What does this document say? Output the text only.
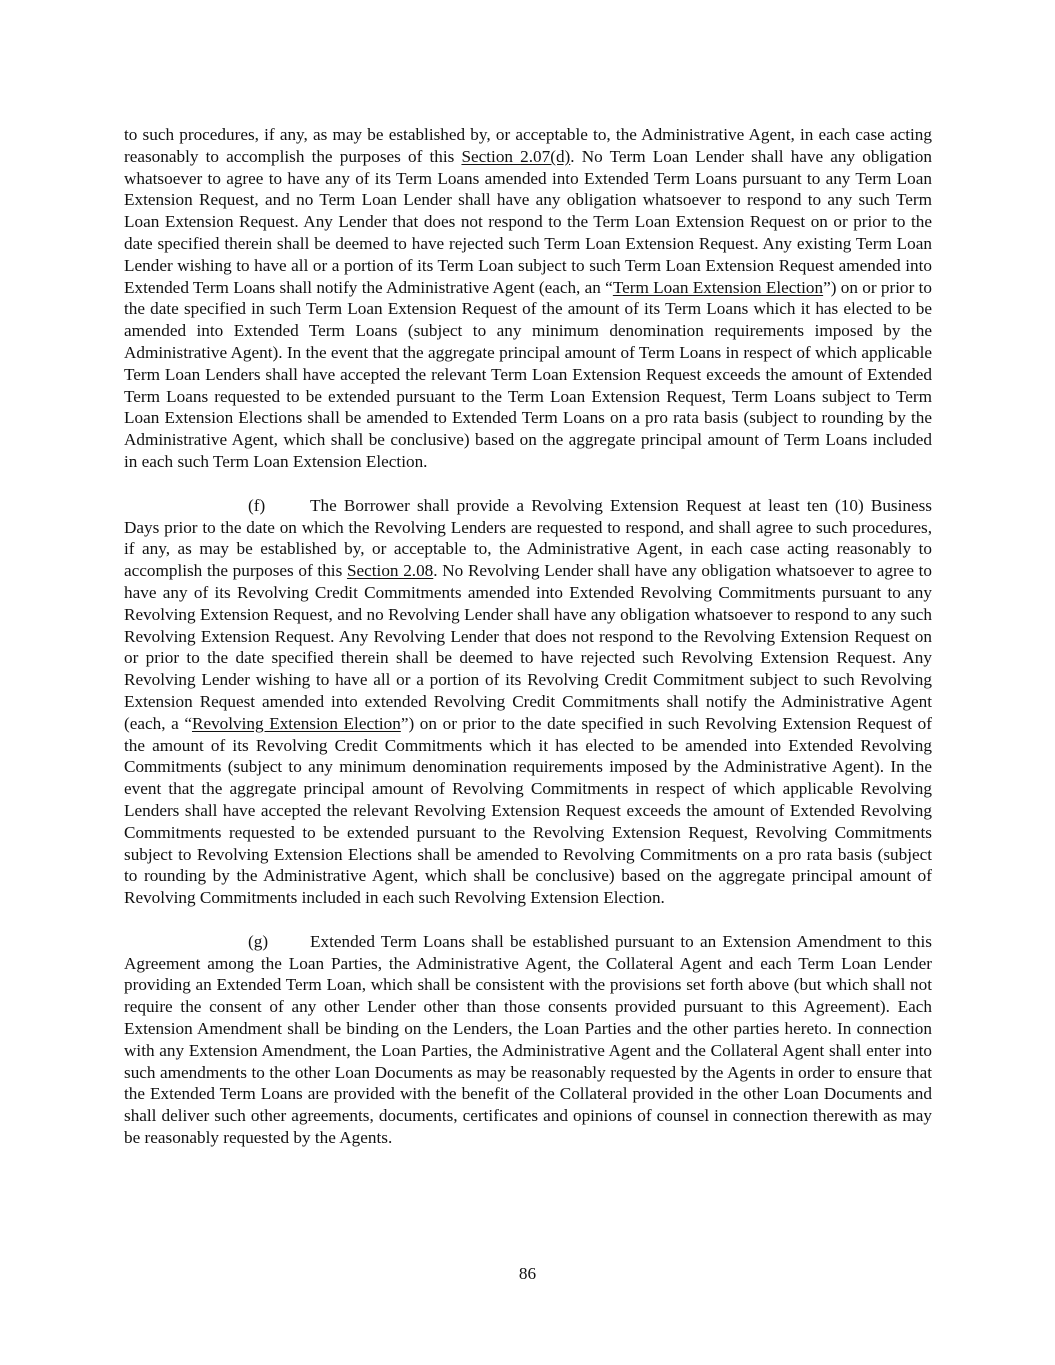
to such procedures, if any, as may be established by, or acceptable to, the Administrative Agent, in each case acting reasonably to accomplish the purposes of this Section 2.07(d). No Term Loan Lender shall have any obligation whatsoever to agree to have any of its Term Loans amended into Extended Term Loans pursuant to any Term Loan Extension Request, and no Term Loan Lender shall have any obligation whatsoever to respond to any such Term Loan Extension Request. Any Lender that does not respond to the Term Loan Extension Request on or prior to the date specified therein shall be deemed to have rejected such Term Loan Extension Request. Any existing Term Loan Lender wishing to have all or a portion of its Term Loan subject to such Term Loan Extension Request amended into Extended Term Loans shall notify the Administrative Agent (each, an “Term Loan Extension Election”) on or prior to the date specified in such Term Loan Extension Request of the amount of its Term Loans which it has elected to be amended into Extended Term Loans (subject to any minimum denomination requirements imposed by the Administrative Agent). In the event that the aggregate principal amount of Term Loans in respect of which applicable Term Loan Lenders shall have accepted the relevant Term Loan Extension Request exceeds the amount of Extended Term Loans requested to be extended pursuant to the Term Loan Extension Request, Term Loans subject to Term Loan Extension Elections shall be amended to Extended Term Loans on a pro rata basis (subject to rounding by the Administrative Agent, which shall be conclusive) based on the aggregate principal amount of Term Loans included in each such Term Loan Extension Election.

(f)	The Borrower shall provide a Revolving Extension Request at least ten (10) Business Days prior to the date on which the Revolving Lenders are requested to respond, and shall agree to such procedures, if any, as may be established by, or acceptable to, the Administrative Agent, in each case acting reasonably to accomplish the purposes of this Section 2.08. No Revolving Lender shall have any obligation whatsoever to agree to have any of its Revolving Credit Commitments amended into Extended Revolving Commitments pursuant to any Revolving Extension Request, and no Revolving Lender shall have any obligation whatsoever to respond to any such Revolving Extension Request. Any Revolving Lender that does not respond to the Revolving Extension Request on or prior to the date specified therein shall be deemed to have rejected such Revolving Extension Request. Any Revolving Lender wishing to have all or a portion of its Revolving Credit Commitment subject to such Revolving Extension Request amended into extended Revolving Credit Commitments shall notify the Administrative Agent (each, a “Revolving Extension Election”) on or prior to the date specified in such Revolving Extension Request of the amount of its Revolving Credit Commitments which it has elected to be amended into Extended Revolving Commitments (subject to any minimum denomination requirements imposed by the Administrative Agent). In the event that the aggregate principal amount of Revolving Commitments in respect of which applicable Revolving Lenders shall have accepted the relevant Revolving Extension Request exceeds the amount of Extended Revolving Commitments requested to be extended pursuant to the Revolving Extension Request, Revolving Commitments subject to Revolving Extension Elections shall be amended to Revolving Commitments on a pro rata basis (subject to rounding by the Administrative Agent, which shall be conclusive) based on the aggregate principal amount of Revolving Commitments included in each such Revolving Extension Election.

(g) Extended Term Loans shall be established pursuant to an Extension Amendment to this Agreement among the Loan Parties, the Administrative Agent, the Collateral Agent and each Term Loan Lender providing an Extended Term Loan, which shall be consistent with the provisions set forth above (but which shall not require the consent of any other Lender other than those consents provided pursuant to this Agreement). Each Extension Amendment shall be binding on the Lenders, the Loan Parties and the other parties hereto. In connection with any Extension Amendment, the Loan Parties, the Administrative Agent and the Collateral Agent shall enter into such amendments to the other Loan Documents as may be reasonably requested by the Agents in order to ensure that the Extended Term Loans are provided with the benefit of the Collateral provided in the other Loan Documents and shall deliver such other agreements, documents, certificates and opinions of counsel in connection therewith as may be reasonably requested by the Agents.

86
